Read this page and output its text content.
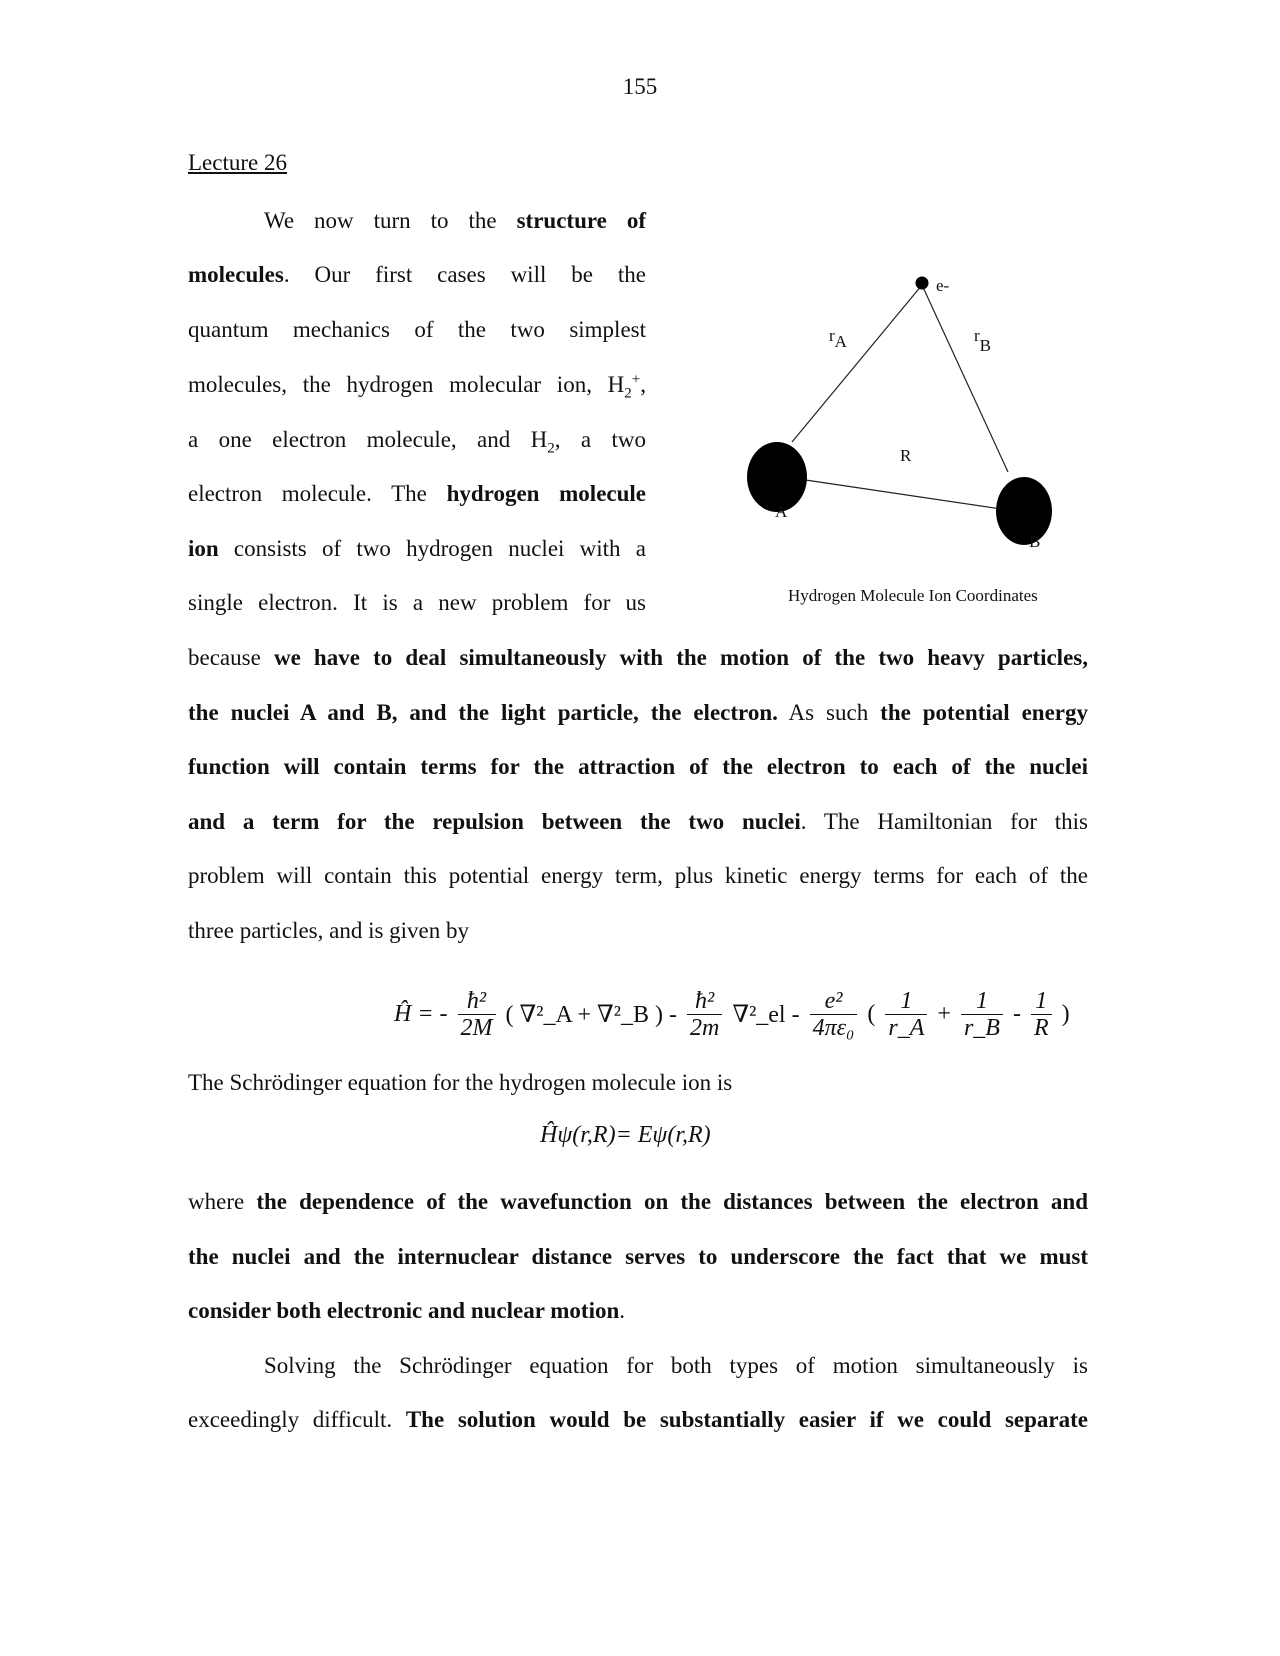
155
Lecture 26
We now turn to the structure of
molecules. Our first cases will be the
quantum mechanics of the two simplest
molecules, the hydrogen molecular ion, $H_2^+$,
a one electron molecule, and $H_2$, a two
electron molecule. The hydrogen molecule
ion consists of two hydrogen nuclei with a
single electron. It is a new problem for us
because we have to deal simultaneously with the motion of the two heavy particles,
the nuclei A and B, and the light particle, the electron. As such the potential energy
function will contain terms for the attraction of the electron to each of the nuclei
and a term for the repulsion between the two nuclei. The Hamiltonian for this
problem will contain this potential energy term, plus kinetic energy terms for each of the
three particles, and is given by
e-
rA	rB
R
A
B
Hydrogen Molecule Ion Coordinates
Ĥ = - $\frac{\text{ħ²}}{2M}$ ( ∇²_A + ∇²_B ) - $\frac{\text{ħ²}}{2m}$ ∇²_el - $\frac{\text{e²}}{\text{4πε₀}}$ ( $\frac{1}{r\_A} + \frac{1}{r\_B} - \frac{1}{R}$ )
The Schrödinger equation for the hydrogen molecule ion is
Ĥψ(r,R)= Eψ(r,R)
where the dependence of the wavefunction on the distances between the electron and
the nuclei and the internuclear distance serves to underscore the fact that we must
consider both electronic and nuclear motion.
Solving the Schrödinger equation for both types of motion simultaneously is
exceedingly difficult. The solution would be substantially easier if we could separate
